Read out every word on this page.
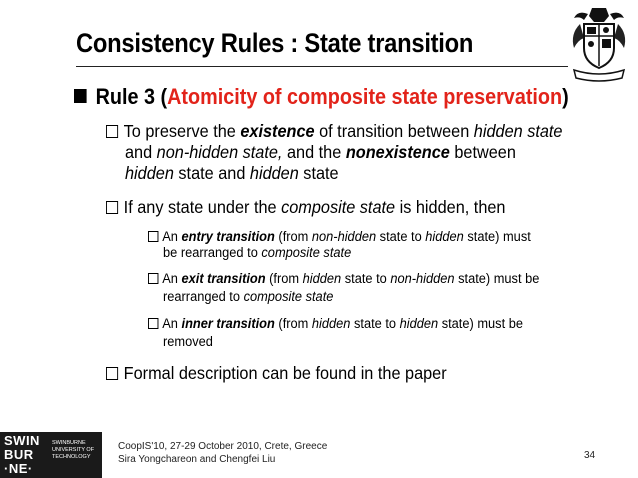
Consistency Rules : State transition
Rule 3 (Atomicity of composite state preservation)
To preserve the existence of transition between hidden state
and non-hidden state, and the nonexistence between
hidden state and hidden state
If any state under the composite state is hidden, then
An entry transition (from non-hidden state to hidden state) must
be rearranged to composite state
An exit transition (from hidden state to non-hidden state) must be
rearranged to composite state
An inner transition (from hidden state to hidden state) must be
removed
Formal description can be found in the paper
SWIN
BUR
·NE·
SWINBURNE
UNIVERSITY OF
TECHNOLOGY
CoopIS'10, 27-29 October 2010, Crete, Greece
Sira Yongchareon and Chengfei Liu	34
